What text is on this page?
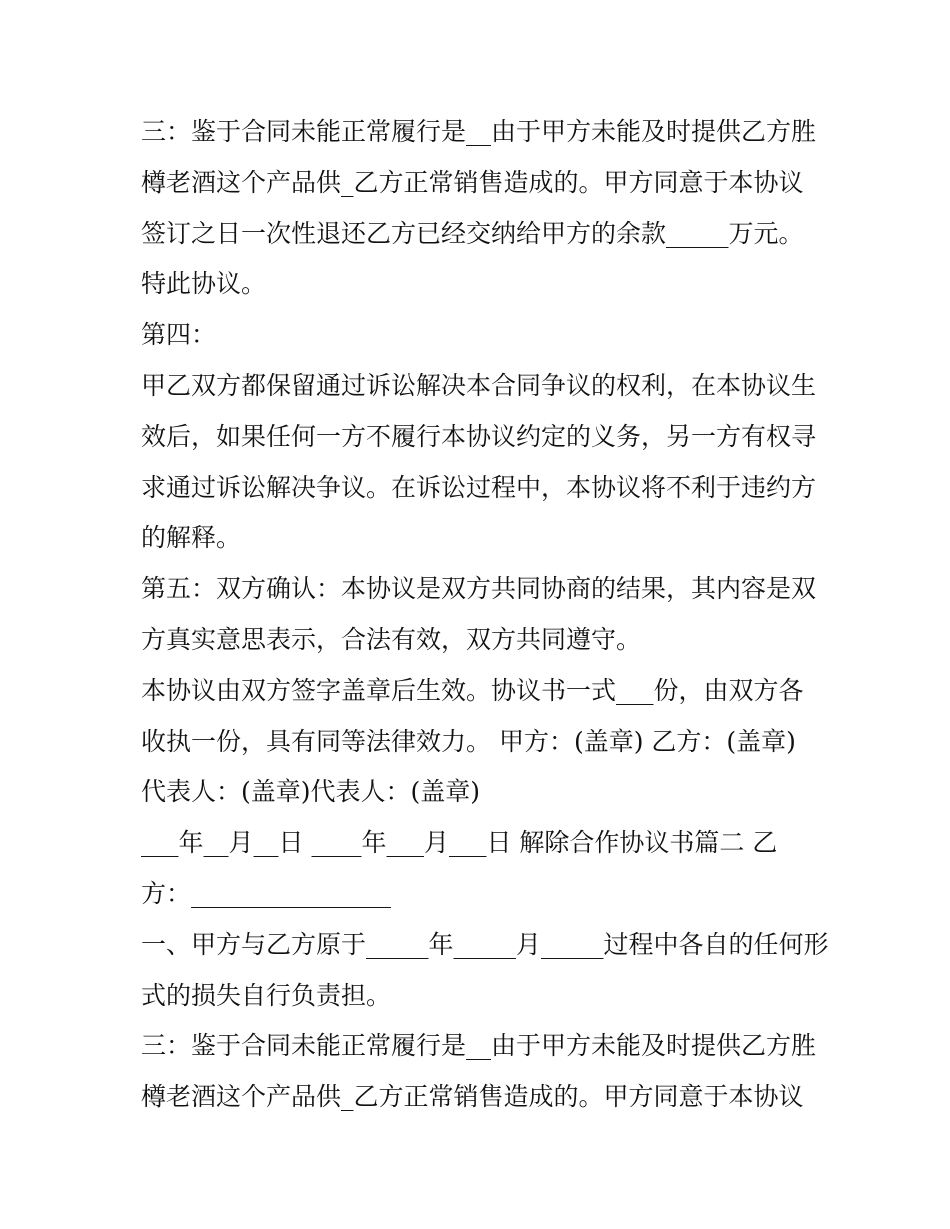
三：鉴于合同未能正常履行是__由于甲方未能及时提供乙方胜

樽老酒这个产品供_乙方正常销售造成的。甲方同意于本协议

签订之日一次性退还乙方已经交纳给甲方的余款_____万元。

特此协议。

第四：

甲乙双方都保留通过诉讼解决本合同争议的权利，在本协议生

效后，如果任何一方不履行本协议约定的义务，另一方有权寻

求通过诉讼解决争议。在诉讼过程中，本协议将不利于违约方

的解释。

第五：双方确认：本协议是双方共同协商的结果，其内容是双

方真实意思表示，合法有效，双方共同遵守。

本协议由双方签字盖章后生效。协议书一式___份，由双方各

收执一份，具有同等法律效力。 甲方：(盖章) 乙方：(盖章)

代表人：(盖章)代表人：(盖章)

___年__月__日 ____年___月___日 解除合作协议书篇二 乙

方：________________

一、甲方与乙方原于_____年_____月_____过程中各自的任何形

式的损失自行负责担。

三：鉴于合同未能正常履行是__由于甲方未能及时提供乙方胜

樽老酒这个产品供_乙方正常销售造成的。甲方同意于本协议
